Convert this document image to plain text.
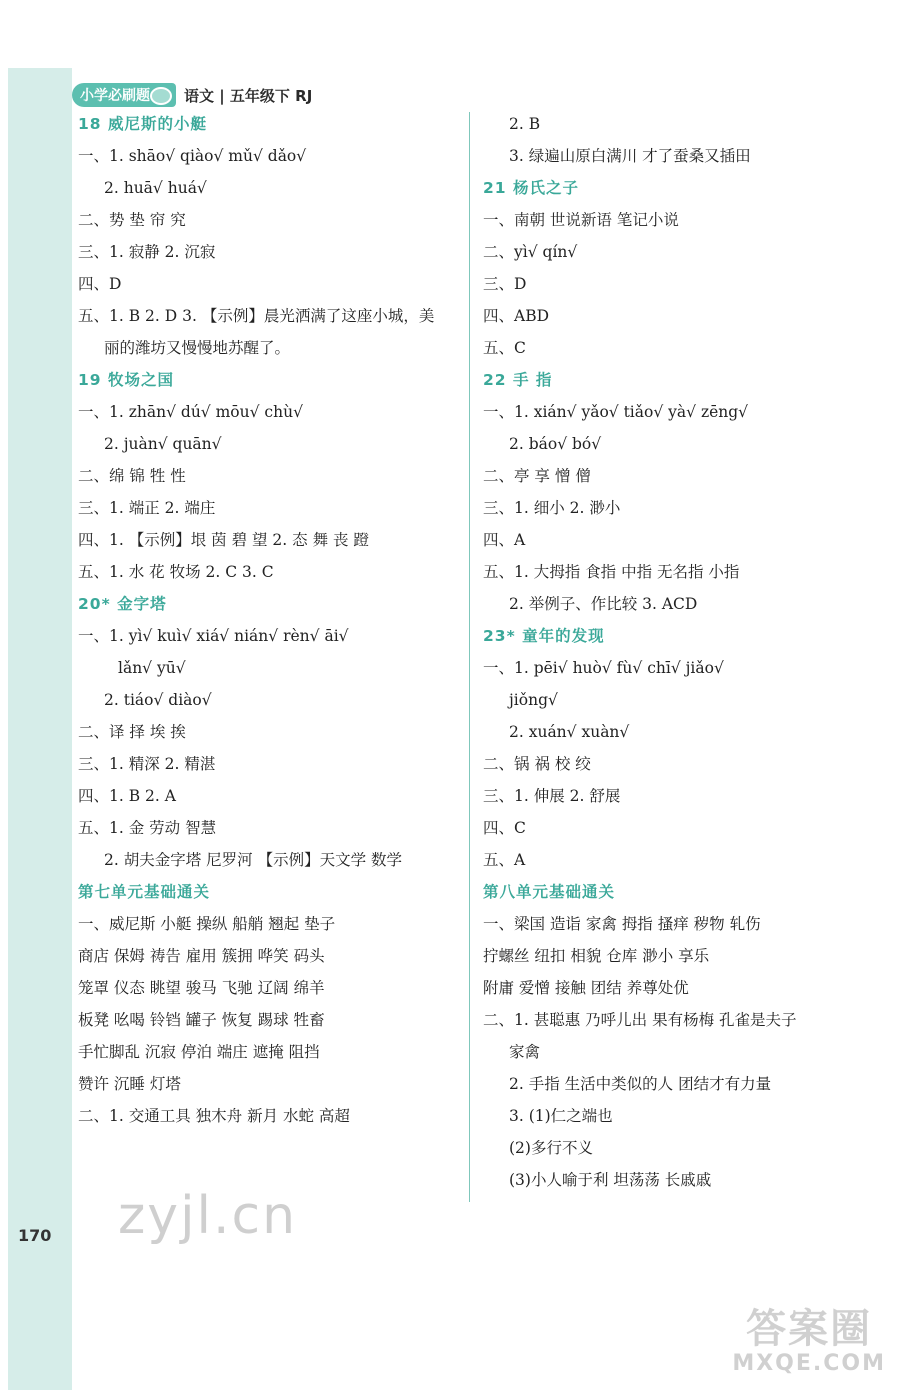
小学必刷题 语文 | 五年级下 RJ
18 威尼斯的小艇
一、1. shāo√ qiào√ mǔ√ dǎo√
2. huā√ huá√
二、势 垫 帘 究
三、1. 寂静 2. 沉寂
四、D
五、1. B 2. D 3. 【示例】晨光洒满了这座小城，美
丽的潍坊又慢慢地苏醒了。
19 牧场之国
一、1. zhān√ dú√ mōu√ chù√
2. juàn√ quān√
二、绵 锦 牲 性
三、1. 端正 2. 端庄
四、1. 【示例】垠 茵 碧 望 2. 态 舞 丧 蹬
五、1. 水 花 牧场 2. C 3. C
20* 金字塔
一、1. yì√ kuì√ xiá√ nián√ rèn√ āi√
lǎn√ yū√
2. tiáo√ diào√
二、译 择 埃 挨
三、1. 精深 2. 精湛
四、1. B 2. A
五、1. 金 劳动 智慧
2. 胡夫金字塔 尼罗河 【示例】天文学 数学
第七单元基础通关
一、威尼斯 小艇 操纵 船艄 翘起 垫子
商店 保姆 祷告 雇用 簇拥 哗笑 码头
笼罩 仪态 眺望 骏马 飞驰 辽阔 绵羊
板凳 吆喝 铃铛 罐子 恢复 踢球 牲畜
手忙脚乱 沉寂 停泊 端庄 遮掩 阻挡
赞许 沉睡 灯塔
二、1. 交通工具 独木舟 新月 水蛇 高超
2. B
3. 绿遍山原白满川 才了蚕桑又插田
21 杨氏之子
一、南朝 世说新语 笔记小说
二、yì√ qín√
三、D
四、ABD
五、C
22 手 指
一、1. xián√ yǎo√ tiǎo√ yà√ zēng√
2. báo√ bó√
二、亭 享 憎 僧
三、1. 细小 2. 渺小
四、A
五、1. 大拇指 食指 中指 无名指 小指
2. 举例子、作比较 3. ACD
23* 童年的发现
一、1. pēi√ huò√ fù√ chī√ jiǎo√
jiǒng√
2. xuán√ xuàn√
二、锅 祸 校 绞
三、1. 伸展 2. 舒展
四、C
五、A
第八单元基础通关
一、梁国 造诣 家禽 拇指 搔痒 秽物 轧伤
拧螺丝 纽扣 相貌 仓库 渺小 享乐
附庸 爱憎 接触 团结 养尊处优
二、1. 甚聪惠 乃呼儿出 果有杨梅 孔雀是夫子
家禽
2. 手指 生活中类似的人 团结才有力量
3. (1)仁之端也
(2)多行不义
(3)小人喻于利 坦荡荡 长戚戚
zyjl.cn
170
答案圈
MXQE.COM
